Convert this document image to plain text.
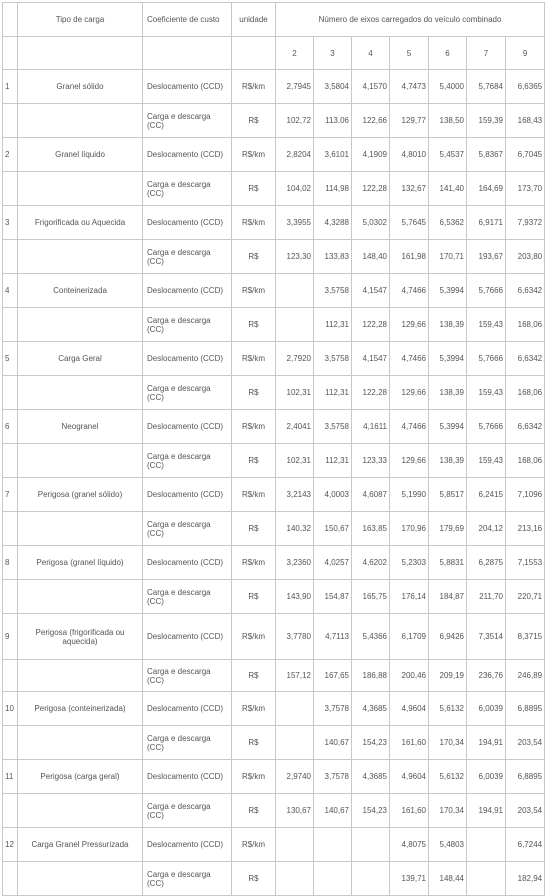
	Tipo de carga	Coeficiente de custo	unidade	Número de eixos carregados do veículo combinado						
				2	3	4	5	6	7	9
1	Granel sólido	Deslocamento (CCD)	R$/km	2,7945	3,5804	4,1570	4,7473	5,4000	5,7684	6,6365
		Carga e descarga (CC)	R$	102,72	113,06	122,66	129,77	138,50	159,39	168,43
2	Granel líquido	Deslocamento (CCD)	R$/km	2,8204	3,6101	4,1909	4,8010	5,4537	5,8367	6,7045
		Carga e descarga (CC)	R$	104,02	114,98	122,28	132,67	141,40	164,69	173,70
3	Frigorificada ou Aquecida	Deslocamento (CCD)	R$/km	3,3955	4,3288	5,0302	5,7645	6,5362	6,9171	7,9372
		Carga e descarga (CC)	R$	123,30	133,83	148,40	161,98	170,71	193,67	203,80
4	Conteinerizada	Deslocamento (CCD)	R$/km		3,5758	4,1547	4,7466	5,3994	5,7666	6,6342
		Carga e descarga (CC)	R$		112,31	122,28	129,66	138,39	159,43	168,06
5	Carga Geral	Deslocamento (CCD)	R$/km	2,7920	3,5758	4,1547	4,7466	5,3994	5,7666	6,6342
		Carga e descarga (CC)	R$	102,31	112,31	122,28	129,66	138,39	159,43	168,06
6	Neogranel	Deslocamento (CCD)	R$/km	2,4041	3,5758	4,1611	4,7466	5,3994	5,7666	6,6342
		Carga e descarga (CC)	R$	102,31	112,31	123,33	129,66	138,39	159,43	168,06
7	Perigosa (granel sólido)	Deslocamento (CCD)	R$/km	3,2143	4,0003	4,6087	5,1990	5,8517	6,2415	7,1096
		Carga e descarga (CC)	R$	140,32	150,67	163,85	170,96	179,69	204,12	213,16
8	Perigosa (granel líquido)	Deslocamento (CCD)	R$/km	3,2360	4,0257	4,6202	5,2303	5,8831	6,2875	7,1553
		Carga e descarga (CC)	R$	143,90	154,87	165,75	176,14	184,87	211,70	220,71
9	Perigosa (frigorificada ou aquecida)	Deslocamento (CCD)	R$/km	3,7780	4,7113	5,4366	6,1709	6,9426	7,3514	8,3715
		Carga e descarga (CC)	R$	157,12	167,65	186,88	200,46	209,19	236,76	246,89
10	Perigosa (conteinerizada)	Deslocamento (CCD)	R$/km		3,7578	4,3685	4,9604	5,6132	6,0039	6,8895
		Carga e descarga (CC)	R$		140,67	154,23	161,60	170,34	194,91	203,54
11	Perigosa (carga geral)	Deslocamento (CCD)	R$/km	2,9740	3,7578	4,3685	4,9604	5,6132	6,0039	6,8895
		Carga e descarga (CC)	R$	130,67	140,67	154,23	161,60	170,34	194,91	203,54
12	Carga Granel Pressurizada	Deslocamento (CCD)	R$/km				4,8075	5,4803		6,7244
		Carga e descarga (CC)	R$				139,71	148,44		182,94
